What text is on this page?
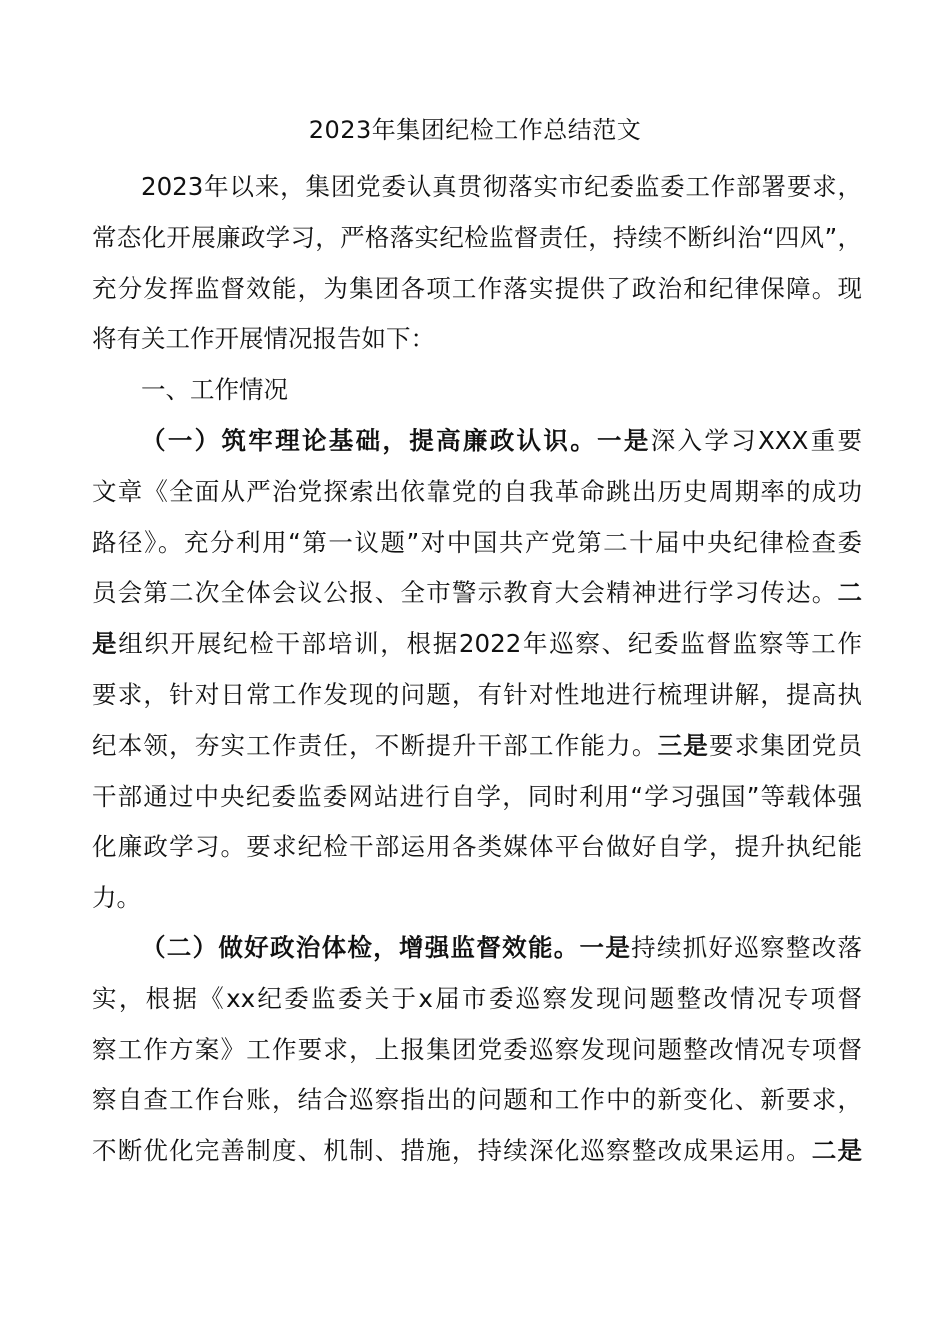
2023年集团纪检工作总结范文
2023年以来，集团党委认真贯彻落实市纪委监委工作部署要求，
常态化开展廉政学习，严格落实纪检监督责任，持续不断纠治“四风”，
充分发挥监督效能，为集团各项工作落实提供了政治和纪律保障。现
将有关工作开展情况报告如下：
一、工作情况
（一）筑牢理论基础，提高廉政认识。一是深入学习XXX重要
文章《全面从严治党探索出依靠党的自我革命跳出历史周期率的成功
路径》。充分利用“第一议题”对中国共产党第二十届中央纪律检查委
员会第二次全体会议公报、全市警示教育大会精神进行学习传达。二
是组织开展纪检干部培训，根据2022年巡察、纪委监督监察等工作
要求，针对日常工作发现的问题，有针对性地进行梳理讲解，提高执
纪本领，夯实工作责任，不断提升干部工作能力。三是要求集团党员
干部通过中央纪委监委网站进行自学，同时利用“学习强国”等载体强
化廉政学习。要求纪检干部运用各类媒体平台做好自学，提升执纪能
力。
（二）做好政治体检，增强监督效能。一是持续抓好巡察整改落
实，根据《xx纪委监委关于x届市委巡察发现问题整改情况专项督
察工作方案》工作要求，上报集团党委巡察发现问题整改情况专项督
察自查工作台账，结合巡察指出的问题和工作中的新变化、新要求，
不断优化完善制度、机制、措施，持续深化巡察整改成果运用。二是
